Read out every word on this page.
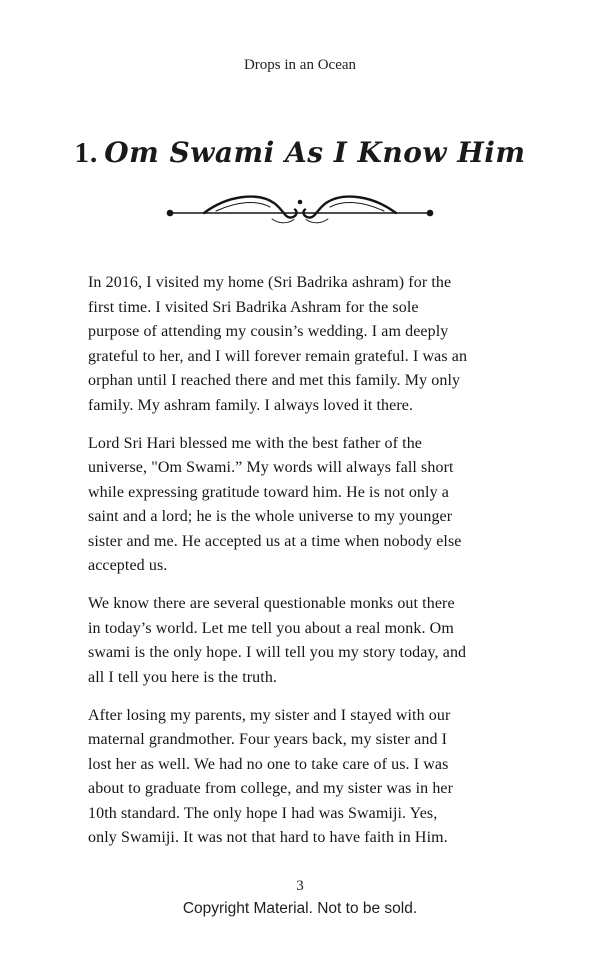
Drops in an Ocean
1. Om Swami As I Know Him

In 2016, I visited my home (Sri Badrika ashram) for the
first time. I visited Sri Badrika Ashram for the sole
purpose of attending my cousin’s wedding. I am deeply
grateful to her, and I will forever remain grateful. I was an
orphan until I reached there and met this family. My only
family. My ashram family. I always loved it there.

Lord Sri Hari blessed me with the best father of the
universe, "Om Swami.” My words will always fall short
while expressing gratitude toward him. He is not only a
saint and a lord; he is the whole universe to my younger
sister and me. He accepted us at a time when nobody else
accepted us.

We know there are several questionable monks out there
in today’s world. Let me tell you about a real monk. Om
swami is the only hope. I will tell you my story today, and
all I tell you here is the truth.

After losing my parents, my sister and I stayed with our
maternal grandmother. Four years back, my sister and I
lost her as well. We had no one to take care of us. I was
about to graduate from college, and my sister was in her
10th standard. The only hope I had was Swamiji. Yes,
only Swamiji. It was not that hard to have faith in Him.

3
Copyright Material. Not to be sold.
